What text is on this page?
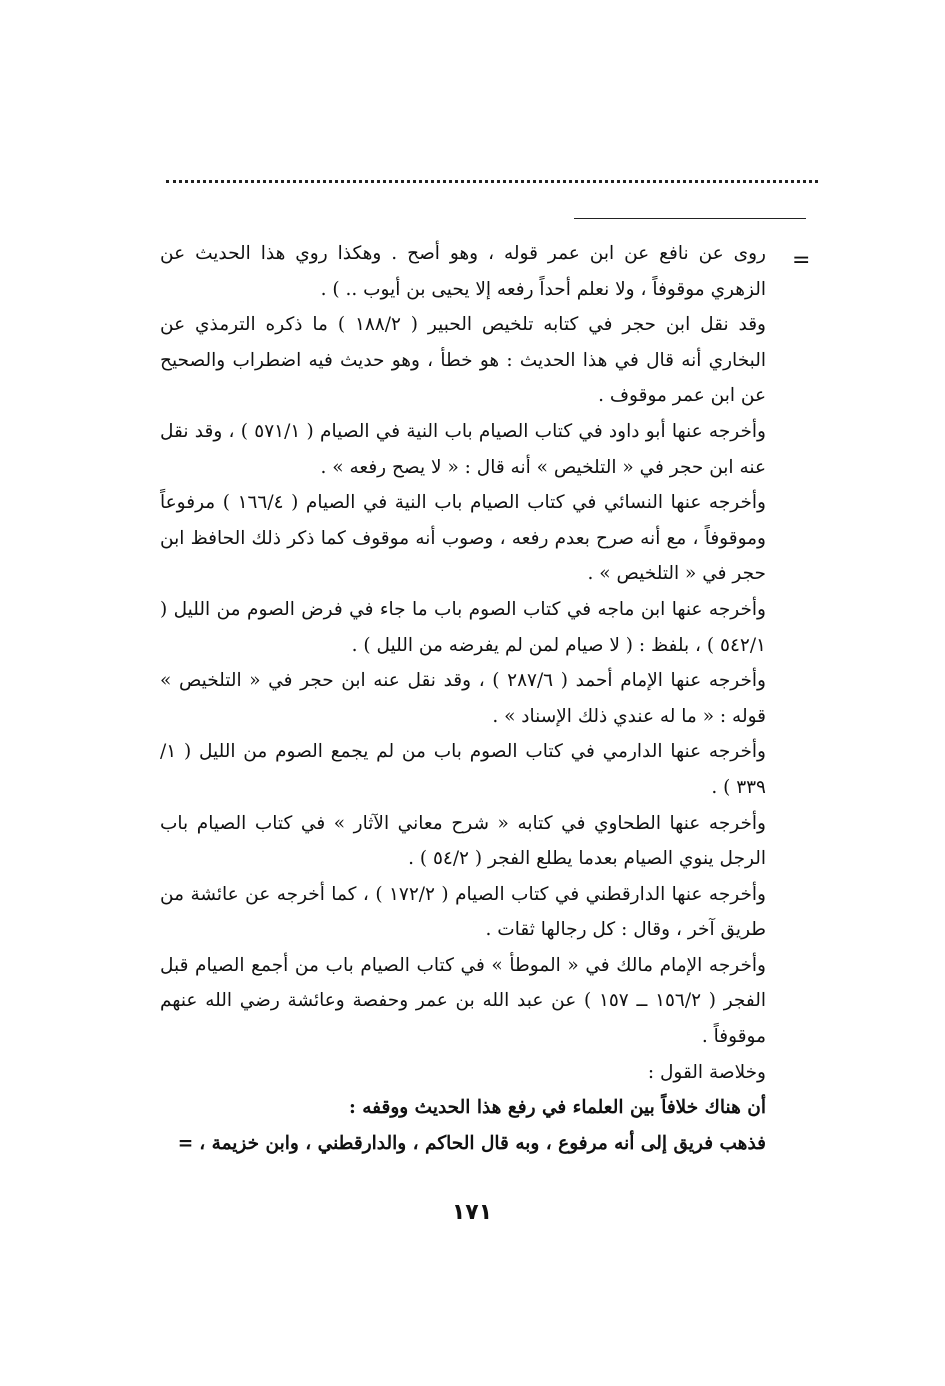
=

روى عن نافع عن ابن عمر قوله ، وهو أصح . وهكذا روي هذا الحديث عن الزهري موقوفاً ، ولا نعلم أحداً رفعه إلا يحيى بن أيوب .. ) .

وقد نقل ابن حجر في كتابه تلخيص الحبير ( ١٨٨/٢ ) ما ذكره الترمذي عن البخاري أنه قال في هذا الحديث : هو خطأ ، وهو حديث فيه اضطراب والصحيح عن ابن عمر موقوف .

وأخرجه عنها أبو داود في كتاب الصيام باب النية في الصيام ( ٥٧١/١ ) ، وقد نقل عنه ابن حجر في « التلخيص » أنه قال : « لا يصح رفعه » .

وأخرجه عنها النسائي في كتاب الصيام باب النية في الصيام ( ١٦٦/٤ ) مرفوعاً وموقوفاً ، مع أنه صرح بعدم رفعه ، وصوب أنه موقوف كما ذكر ذلك الحافظ ابن حجر في « التلخيص » .

وأخرجه عنها ابن ماجه في كتاب الصوم باب ما جاء في فرض الصوم من الليل ( ٥٤٢/١ ) ، بلفظ : ( لا صيام لمن لم يفرضه من الليل ) .

وأخرجه عنها الإمام أحمد ( ٢٨٧/٦ ) ، وقد نقل عنه ابن حجر في « التلخيص » قوله : « ما له عندي ذلك الإسناد » .

وأخرجه عنها الدارمي في كتاب الصوم باب من لم يجمع الصوم من الليل ( ١/ ٣٣٩ ) .

وأخرجه عنها الطحاوي في كتابه « شرح معاني الآثار » في كتاب الصيام باب الرجل ينوي الصيام بعدما يطلع الفجر ( ٥٤/٢ ) .

وأخرجه عنها الدارقطني في كتاب الصيام ( ١٧٢/٢ ) ، كما أخرجه عن عائشة من طريق آخر ، وقال : كل رجالها ثقات .

وأخرجه الإمام مالك في « الموطأ » في كتاب الصيام باب من أجمع الصيام قبل الفجر ( ١٥٦/٢ ــ ١٥٧ ) عن عبد الله بن عمر وحفصة وعائشة رضي الله عنهم موقوفاً .

وخلاصة القول :

أن هناك خلافاً بين العلماء في رفع هذا الحديث ووقفه :

فذهب فريق إلى أنه مرفوع ، وبه قال الحاكم ، والدارقطني ، وابن خزيمة ،=

١٧١
